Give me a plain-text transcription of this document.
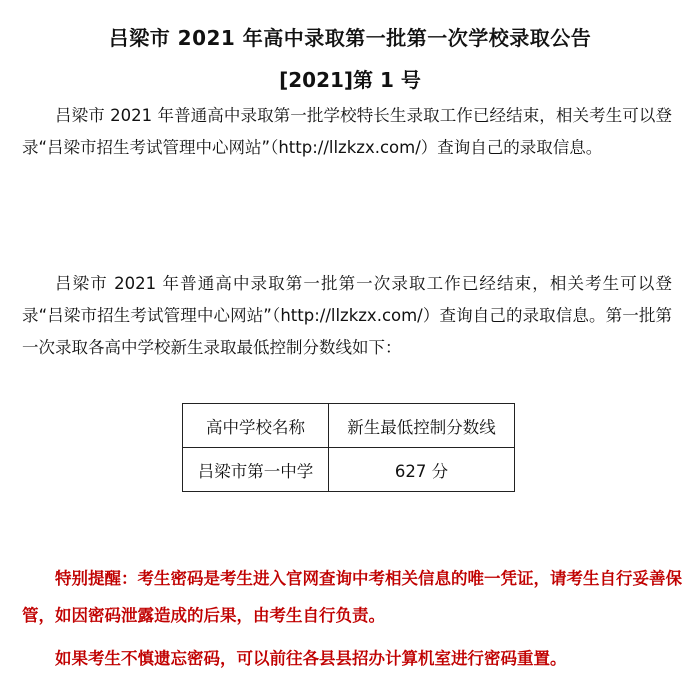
吕梁市 2021 年高中录取第一批第一次学校录取公告
[2021]第 1 号

吕梁市 2021 年普通高中录取第一批学校特长生录取工作已经结束，相关考生可以登录“吕梁市招生考试管理中心网站”（http://llzkzx.com/）查询自己的录取信息。

吕梁市 2021 年普通高中录取第一批第一次录取工作已经结束，相关考生可以登录“吕梁市招生考试管理中心网站”（http://llzkzx.com/）查询自己的录取信息。第一批第一次录取各高中学校新生录取最低控制分数线如下：

高中学校名称	新生最低控制分数线
吕梁市第一中学	627 分

特别提醒：考生密码是考生进入官网查询中考相关信息的唯一凭证，请考生自行妥善保管，如因密码泄露造成的后果，由考生自行负责。

如果考生不慎遗忘密码，可以前往各县县招办计算机室进行密码重置。
